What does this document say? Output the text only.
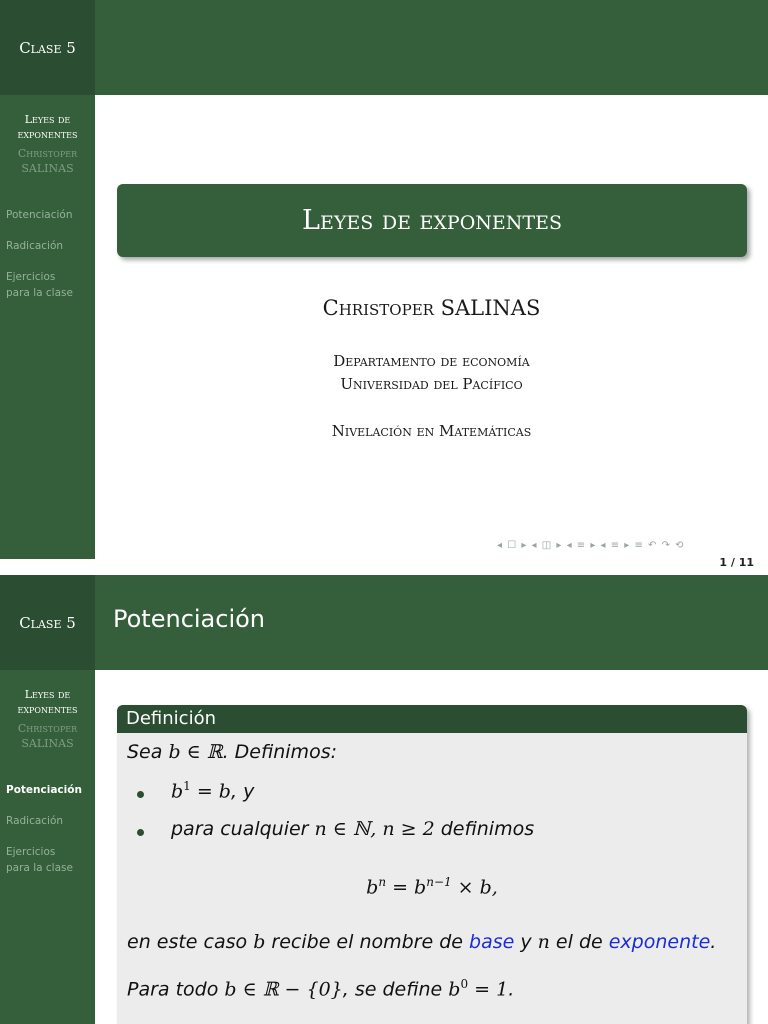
Clase 5
Leyes de
exponentes
Christoper
SALINAS
Potenciación
Radicación
Ejercicios
para la clase
Leyes de exponentes
Christoper SALINAS
Departamento de economía
Universidad del Pacífico
Nivelación en Matemáticas
◂ ☐ ▸ ◂ ◫ ▸ ◂ ≡ ▸ ◂ ≡ ▸ ≡ ↶ ↷ ⟲
1 / 11
Clase 5
Leyes de
exponentes
Christoper
SALINAS
Potenciación
Radicación
Ejercicios
para la clase
Potenciación
Definición
Sea b ∈ ℝ. Definimos:
$b^1 = b$, y
para cualquier n ∈ ℕ, n ≥ 2 definimos
$b^n = b^{n-1} \times b$,
en este caso b recibe el nombre de base y n el de exponente.
Para todo b ∈ ℝ − {0}, se define $b^0 = 1$.
